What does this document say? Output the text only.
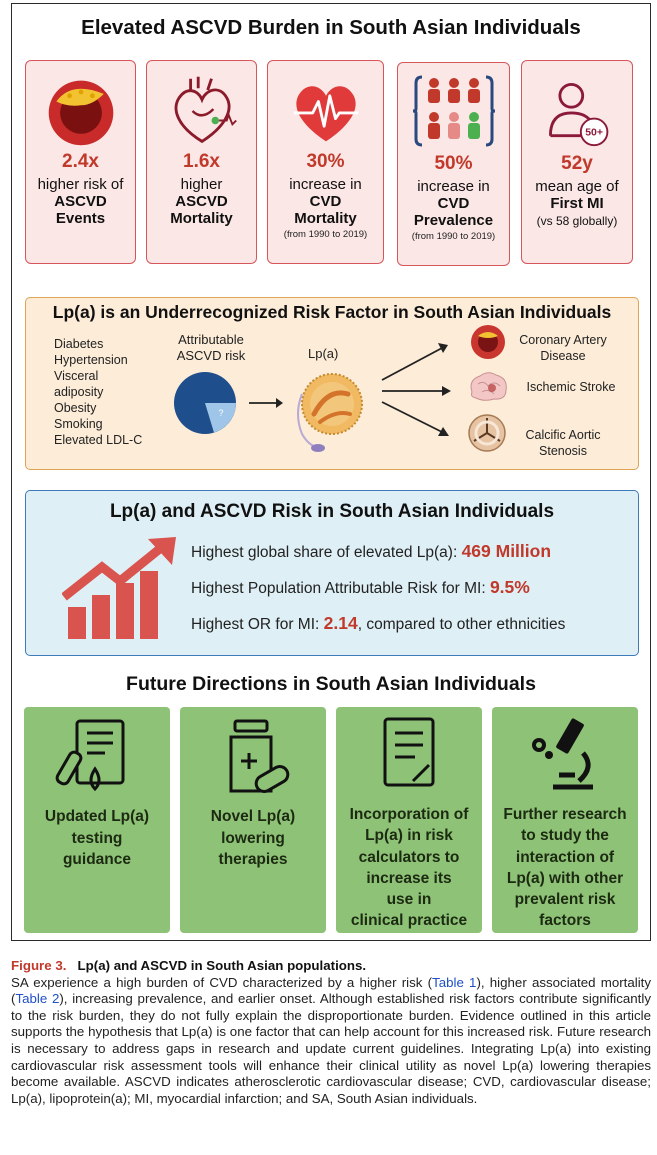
Elevated ASCVD Burden in South Asian Individuals
2.4x
higher risk of
ASCVD
Events
1.6x
higher
ASCVD
Mortality
30%
increase in
CVD
Mortality
(from 1990 to 2019)
50%
increase in
CVD
Prevalence
(from 1990 to 2019)
50+
52y
mean age of
First MI
(vs 58 globally)
Lp(a) is an Underrecognized Risk Factor in South Asian Individuals
Diabetes
Hypertension
Visceral
adiposity
Obesity
Smoking
Elevated LDL-C
Attributable
ASCVD risk
?
Lp(a)
Coronary Artery
Disease
Ischemic Stroke
Calcific Aortic
Stenosis
Lp(a) and ASCVD Risk in South Asian Individuals
Highest global share of elevated Lp(a): 469 Million
Highest Population Attributable Risk for MI: 9.5%
Highest OR for MI: 2.14, compared to other ethnicities
Future Directions in South Asian Individuals
Updated Lp(a)
testing
guidance
Novel Lp(a)
lowering
therapies
Incorporation of
Lp(a) in risk
calculators to
increase its
use in
clinical practice
Further research
to study the
interaction of
Lp(a) with other
prevalent risk
factors
Figure 3. Lp(a) and ASCVD in South Asian populations.
SA experience a high burden of CVD characterized by a higher risk (Table 1), higher associated mortality (Table 2), increasing prevalence, and earlier onset. Although established risk factors contribute significantly to the risk burden, they do not fully explain the disproportionate burden. Evidence outlined in this article supports the hypothesis that Lp(a) is one factor that can help account for this increased risk. Future research is necessary to address gaps in research and update current guidelines. Integrating Lp(a) into existing cardiovascular risk assessment tools will enhance their clinical utility as novel Lp(a) lowering therapies become available. ASCVD indicates atherosclerotic cardiovascular disease; CVD, cardiovascular disease; Lp(a), lipoprotein(a); MI, myocardial infarction; and SA, South Asian individuals.
